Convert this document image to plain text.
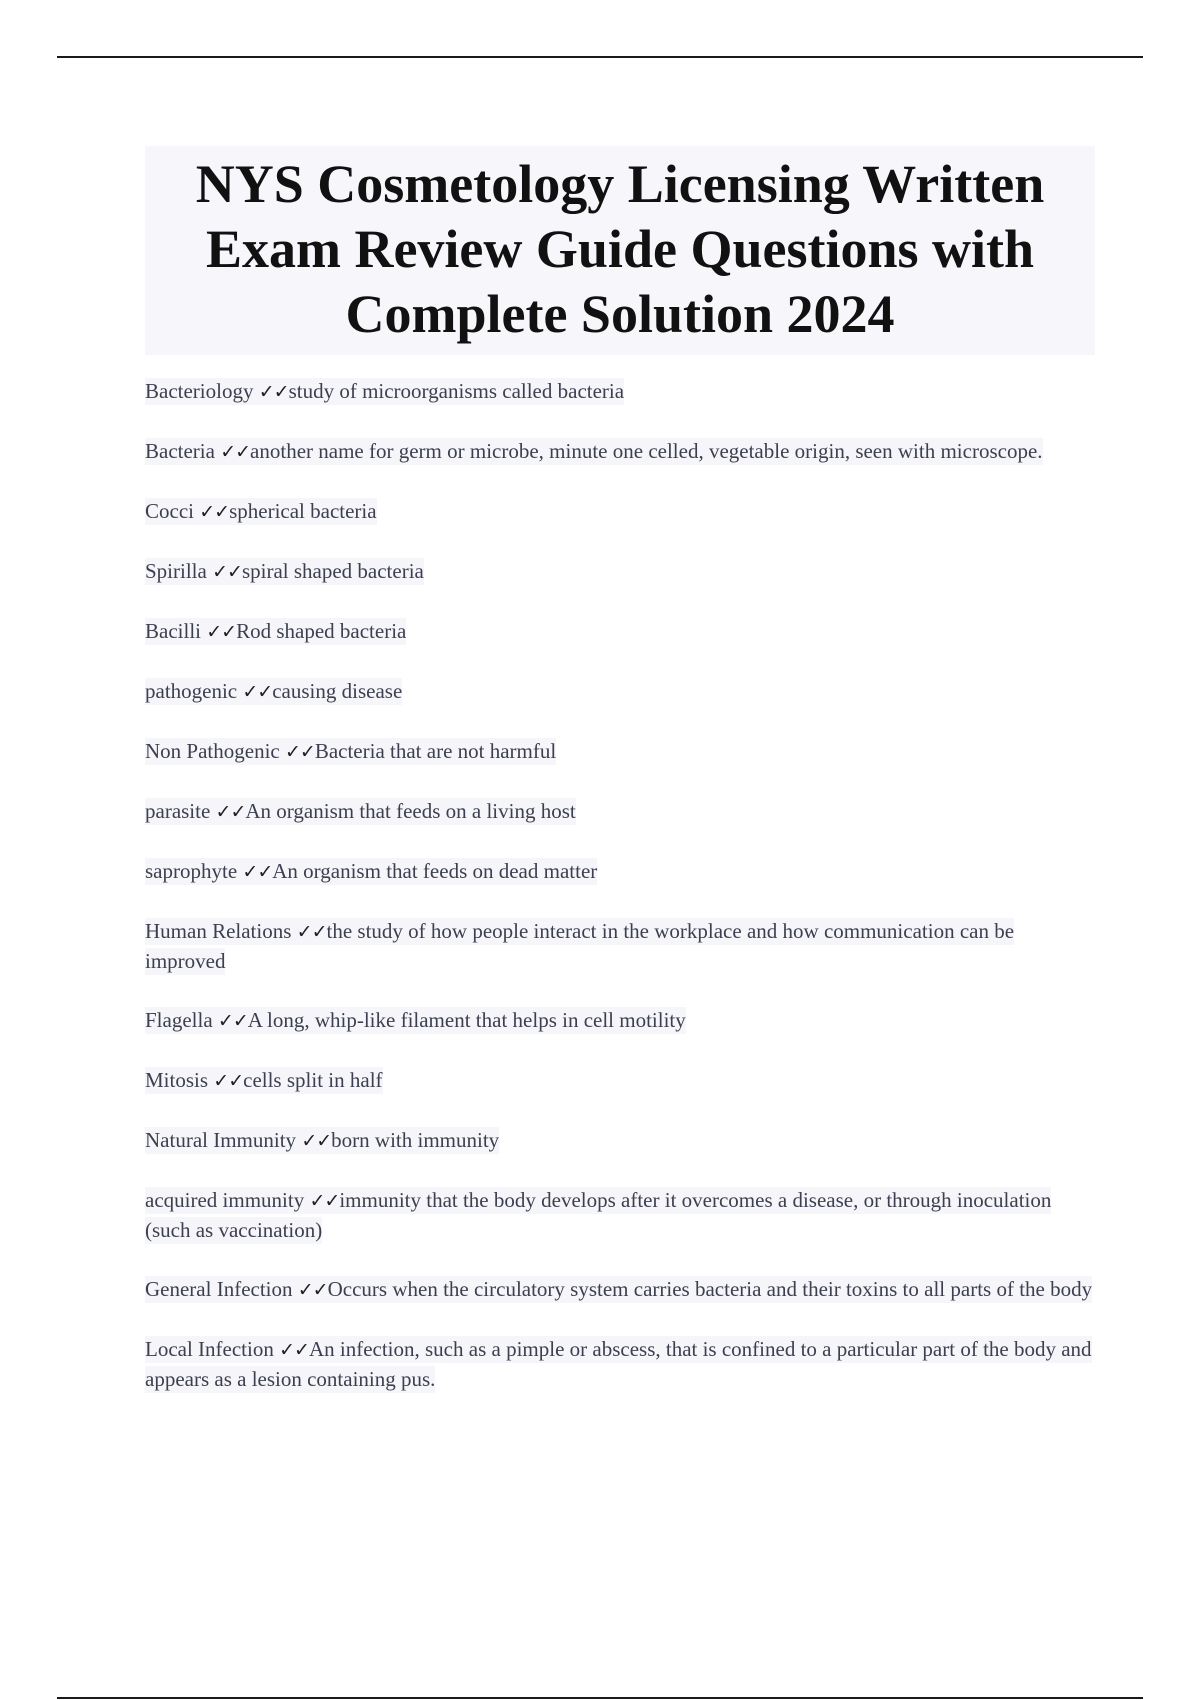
NYS Cosmetology Licensing Written Exam Review Guide Questions with Complete Solution 2024

Bacteriology ✓✓study of microorganisms called bacteria

Bacteria ✓✓another name for germ or microbe, minute one celled, vegetable origin, seen with microscope.

Cocci ✓✓spherical bacteria

Spirilla ✓✓spiral shaped bacteria

Bacilli ✓✓Rod shaped bacteria

pathogenic ✓✓causing disease

Non Pathogenic ✓✓Bacteria that are not harmful

parasite ✓✓An organism that feeds on a living host

saprophyte ✓✓An organism that feeds on dead matter

Human Relations ✓✓the study of how people interact in the workplace and how communication can be improved

Flagella ✓✓A long, whip-like filament that helps in cell motility

Mitosis ✓✓cells split in half

Natural Immunity ✓✓born with immunity

acquired immunity ✓✓immunity that the body develops after it overcomes a disease, or through inoculation (such as vaccination)

General Infection ✓✓Occurs when the circulatory system carries bacteria and their toxins to all parts of the body

Local Infection ✓✓An infection, such as a pimple or abscess, that is confined to a particular part of the body and appears as a lesion containing pus.
